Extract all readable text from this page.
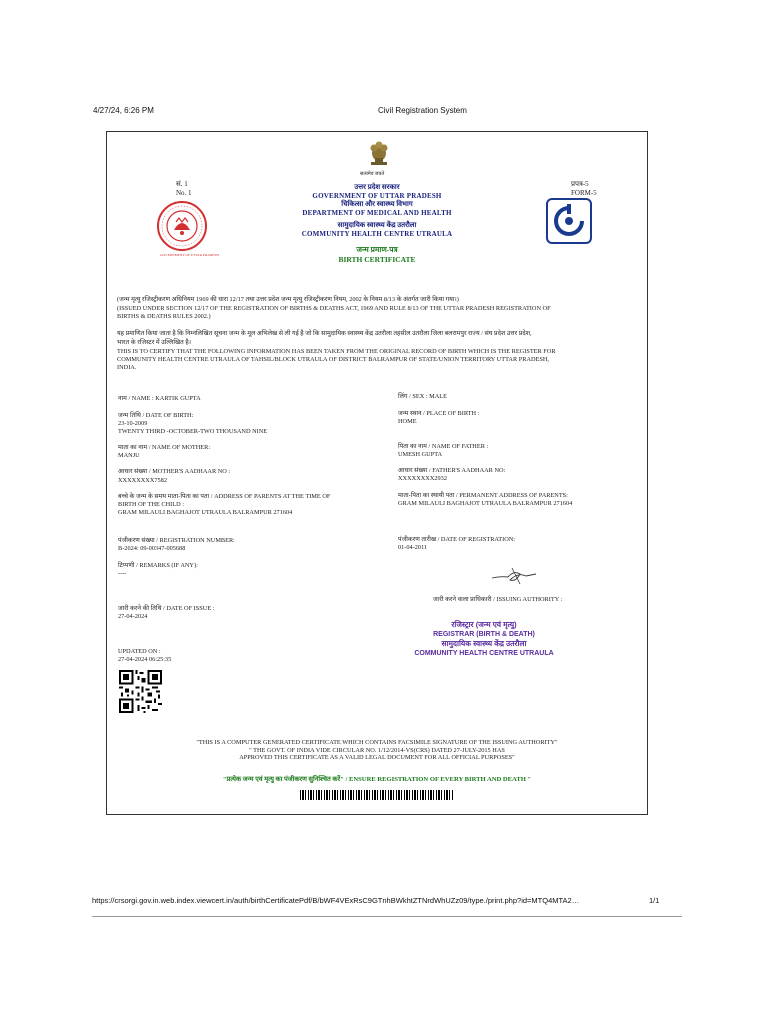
4/27/24, 6:26 PM	Civil Registration System
सत्यमेव जयते
सं. 1
No. 1
प्रपत्र-5
FORM-5
GOVERNMENT OF UTTAR PRADESH
उत्तर प्रदेश सरकार
GOVERNMENT OF UTTAR PRADESH
चिकित्सा और स्वास्थ्य विभाग
DEPARTMENT OF MEDICAL AND HEALTH
सामुदायिक स्वास्थ्य केंद्र उतरौला
COMMUNITY HEALTH CENTRE UTRAULA
जन्म प्रमाण-पत्र
BIRTH CERTIFICATE
(जन्म मृत्यु रजिस्ट्रीकरण अधिनियम 1969 की धारा 12/17 तथा उत्तर प्रदेश जन्म मृत्यु रजिस्ट्रीकरण नियम, 2002 के नियम 8/13 के अंतर्गत जारी किया गया।)
(ISSUED UNDER SECTION 12/17 OF THE REGISTRATION OF BIRTHS & DEATHS ACT, 1969 AND RULE 8/13 OF THE UTTAR PRADESH REGISTRATION OF
BIRTHS & DEATHS RULES 2002.)
यह प्रमाणित किया जाता है कि निम्नलिखित सूचना जन्म के मूल अभिलेख से ली गई है जो कि सामुदायिक स्वास्थ्य केंद्र उतरौला तहसील उतरौला जिला बलरामपुर राज्य / संघ प्रदेश उत्तर प्रदेश,
भारत के रजिस्टर में उल्लिखित है।
THIS IS TO CERTIFY THAT THE FOLLOWING INFORMATION HAS BEEN TAKEN FROM THE ORIGINAL RECORD OF BIRTH WHICH IS THE REGISTER FOR
COMMUNITY HEALTH CENTRE UTRAULA OF TAHSIL/BLOCK UTRAULA OF DISTRICT BALRAMPUR OF STATE/UNION TERRITORY UTTAR PRADESH,
INDIA.
नाम / NAME : KARTIK GUPTA
जन्म तिथि / DATE OF BIRTH:
23-10-2009
TWENTY THIRD -OCTOBER-TWO THOUSAND NINE
माता का नाम / NAME OF MOTHER:
MANJU
आधार संख्या / MOTHER'S AADHAAR NO :
XXXXXXXX7582
बच्चे के जन्म के समय माता-पिता का पता / ADDRESS OF PARENTS AT THE TIME OF
BIRTH OF THE CHILD :
GRAM MILAULI BAGHAJOT UTRAULA BALRAMPUR 271604
पंजीकरण संख्या / REGISTRATION NUMBER:
B-2024: 09-00347-005688
टिप्पणी / REMARKS (IF ANY):
----
जारी करने की तिथि / DATE OF ISSUE :
27-04-2024
UPDATED ON :
27-04-2024 06:25:35
लिंग / SEX : MALE
जन्म स्थान / PLACE OF BIRTH :
HOME
पिता का नाम / NAME OF FATHER :
UMESH GUPTA
आधार संख्या / FATHER'S AADHAAR NO:
XXXXXXXX2932
माता-पिता का स्थायी पता / PERMANENT ADDRESS OF PARENTS:
GRAM MILAULI BAGHAJOT UTRAULA BALRAMPUR 271604
पंजीकरण तारीख / DATE OF REGISTRATION:
01-04-2011
जारी करने वाला प्राधिकारी / ISSUING AUTHORITY :
रजिस्ट्रार (जन्म एवं मृत्यु)
REGISTRAR (BIRTH & DEATH)
सामुदायिक स्वास्थ्य केंद्र उतरौला
COMMUNITY HEALTH CENTRE UTRAULA
"THIS IS A COMPUTER GENERATED CERTIFICATE WHICH CONTAINS FACSIMILE SIGNATURE OF THE ISSUING AUTHORITY"
" THE GOVT. OF INDIA VIDE CIRCULAR NO. 1/12/2014-VS(CRS) DATED 27-JULY-2015 HAS
APPROVED THIS CERTIFICATE AS A VALID LEGAL DOCUMENT FOR ALL OFFICIAL PURPOSES"
"प्रत्येक जन्म एवं मृत्यु का पंजीकरण सुनिश्चित करें" / ENSURE REGISTRATION OF EVERY BIRTH AND DEATH "
https://crsorgi.gov.in.web.index.viewcert.in/auth/birthCertificatePdf/B/bWF4VExRsC9GTnhBWkhtZTNrdWhUZz09/type./print.php?id=MTQ4MTA2…	1/1
